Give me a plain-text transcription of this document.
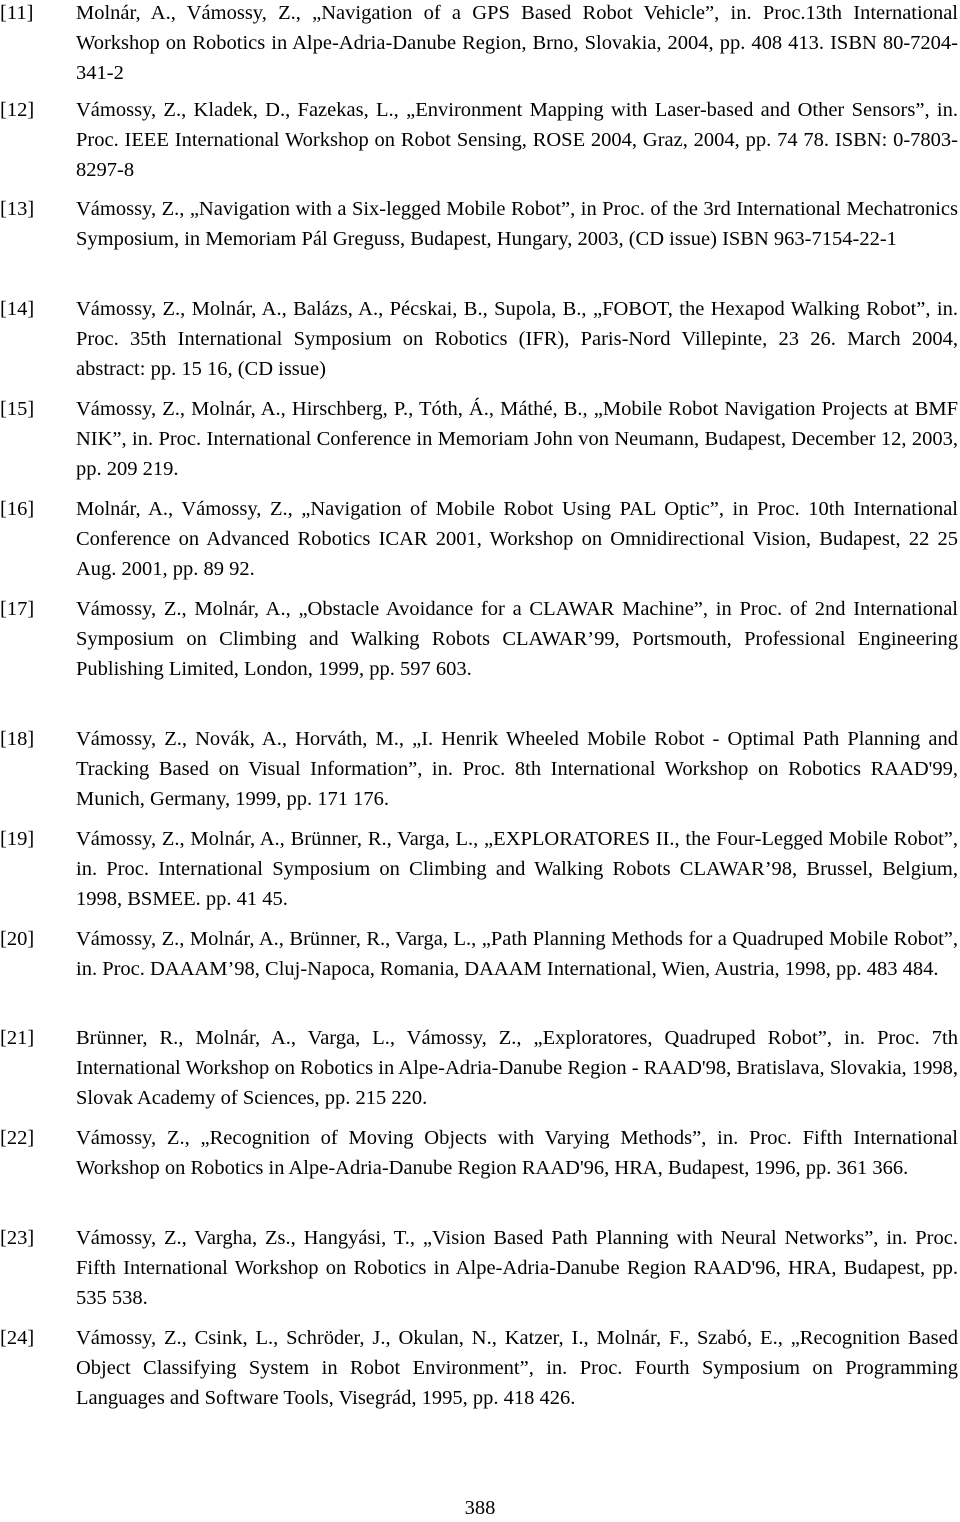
[11]	Molnár, A., Vámossy, Z., „Navigation of a GPS Based Robot Vehicle”, in. Proc.13th International Workshop on Robotics in Alpe-Adria-Danube Region, Brno, Slovakia, 2004, pp. 408 413. ISBN 80-7204-341-2
[12]	Vámossy, Z., Kladek, D., Fazekas, L., „Environment Mapping with Laser-based and Other Sensors”, in. Proc. IEEE International Workshop on Robot Sensing, ROSE 2004, Graz, 2004, pp. 74 78. ISBN: 0-7803-8297-8
[13]	Vámossy, Z., „Navigation with a Six-legged Mobile Robot”, in Proc. of the 3rd International Mechatronics Symposium, in Memoriam Pál Greguss, Budapest, Hungary, 2003, (CD issue) ISBN 963-7154-22-1
[14]	Vámossy, Z., Molnár, A., Balázs, A., Pécskai, B., Supola, B., „FOBOT, the Hexapod Walking Robot”, in. Proc. 35th International Symposium on Robotics (IFR), Paris-Nord Villepinte, 23 26. March 2004, abstract: pp. 15 16, (CD issue)
[15]	Vámossy, Z., Molnár, A., Hirschberg, P., Tóth, Á., Máthé, B., „Mobile Robot Navigation Projects at BMF NIK”, in. Proc. International Conference in Memoriam John von Neumann, Budapest, December 12, 2003, pp. 209 219.
[16]	Molnár, A., Vámossy, Z., „Navigation of Mobile Robot Using PAL Optic”, in Proc. 10th International Conference on Advanced Robotics ICAR 2001, Workshop on Omnidirectional Vision, Budapest, 22 25 Aug. 2001, pp. 89 92.
[17]	Vámossy, Z., Molnár, A., „Obstacle Avoidance for a CLAWAR Machine”, in Proc. of 2nd International Symposium on Climbing and Walking Robots CLAWAR’99, Portsmouth, Professional Engineering Publishing Limited, London, 1999, pp. 597 603.
[18]	Vámossy, Z., Novák, A., Horváth, M., „I. Henrik Wheeled Mobile Robot - Optimal Path Planning and Tracking Based on Visual Information”, in. Proc. 8th International Workshop on Robotics RAAD'99, Munich, Germany, 1999, pp. 171 176.
[19]	Vámossy, Z., Molnár, A., Brünner, R., Varga, L., „EXPLORATORES II., the Four-Legged Mobile Robot”, in. Proc. International Symposium on Climbing and Walking Robots CLAWAR’98, Brussel, Belgium, 1998, BSMEE. pp. 41 45.
[20]	Vámossy, Z., Molnár, A., Brünner, R., Varga, L., „Path Planning Methods for a Quadruped Mobile Robot”, in. Proc. DAAAM’98, Cluj-Napoca, Romania, DAAAM International, Wien, Austria, 1998, pp. 483 484.
[21]	Brünner, R., Molnár, A., Varga, L., Vámossy, Z., „Exploratores, Quadruped Robot”, in. Proc. 7th International Workshop on Robotics in Alpe-Adria-Danube Region - RAAD'98, Bratislava, Slovakia, 1998, Slovak Academy of Sciences, pp. 215 220.
[22]	Vámossy, Z., „Recognition of Moving Objects with Varying Methods”, in. Proc. Fifth International Workshop on Robotics in Alpe-Adria-Danube Region RAAD'96, HRA, Budapest, 1996, pp. 361 366.
[23]	Vámossy, Z., Vargha, Zs., Hangyási, T., „Vision Based Path Planning with Neural Networks”, in. Proc. Fifth International Workshop on Robotics in Alpe-Adria-Danube Region RAAD'96, HRA, Budapest, pp. 535 538.
[24]	Vámossy, Z., Csink, L., Schröder, J., Okulan, N., Katzer, I., Molnár, F., Szabó, E., „Recognition Based Object Classifying System in Robot Environment”, in. Proc. Fourth Symposium on Programming Languages and Software Tools, Visegrád, 1995, pp. 418 426.
388
